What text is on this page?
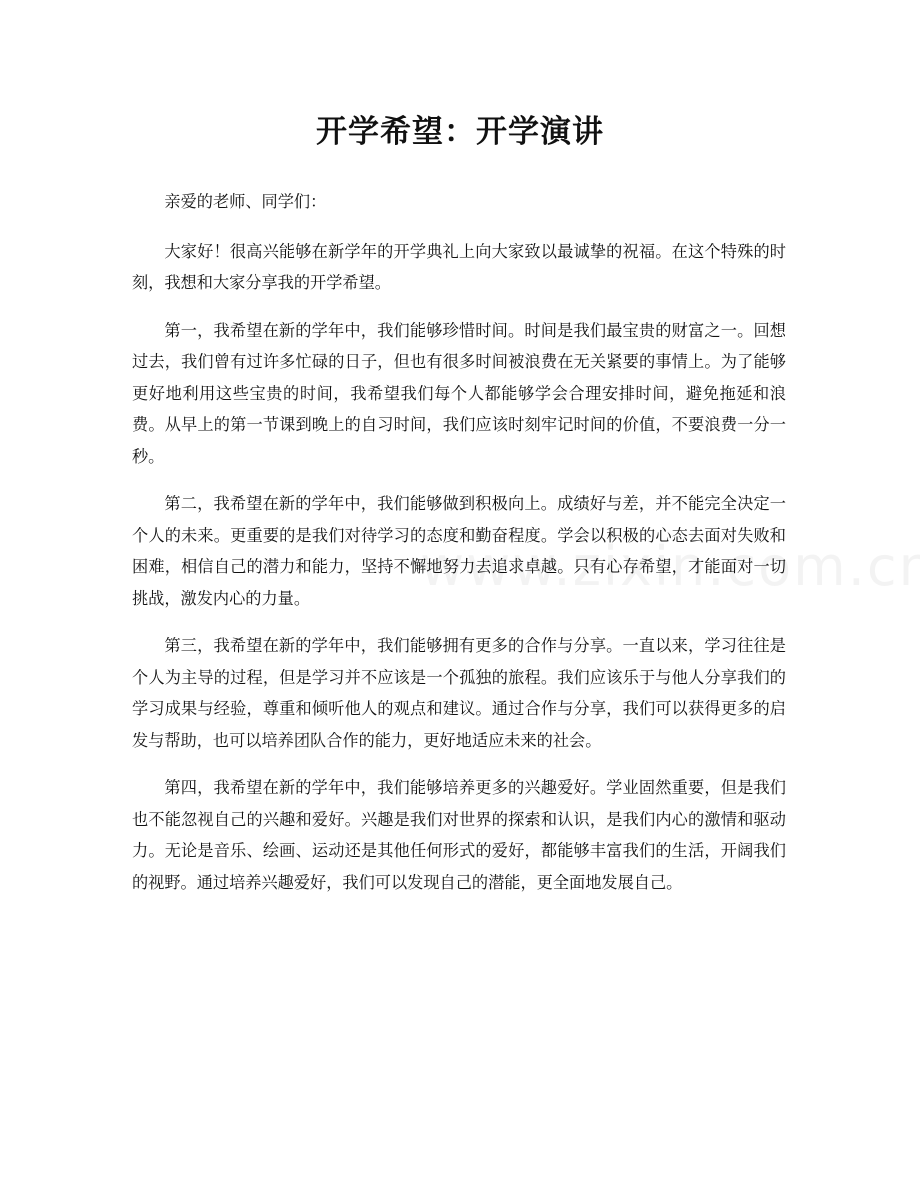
开学希望：开学演讲

亲爱的老师、同学们：

大家好！很高兴能够在新学年的开学典礼上向大家致以最诚挚的祝福。在这个特殊的时刻，我想和大家分享我的开学希望。

第一，我希望在新的学年中，我们能够珍惜时间。时间是我们最宝贵的财富之一。回想过去，我们曾有过许多忙碌的日子，但也有很多时间被浪费在无关紧要的事情上。为了能够更好地利用这些宝贵的时间，我希望我们每个人都能够学会合理安排时间，避免拖延和浪费。从早上的第一节课到晚上的自习时间，我们应该时刻牢记时间的价值，不要浪费一分一秒。

第二，我希望在新的学年中，我们能够做到积极向上。成绩好与差，并不能完全决定一个人的未来。更重要的是我们对待学习的态度和勤奋程度。学会以积极的心态去面对失败和困难，相信自己的潜力和能力，坚持不懈地努力去追求卓越。只有心存希望，才能面对一切挑战，激发内心的力量。

第三，我希望在新的学年中，我们能够拥有更多的合作与分享。一直以来，学习往往是个人为主导的过程，但是学习并不应该是一个孤独的旅程。我们应该乐于与他人分享我们的学习成果与经验，尊重和倾听他人的观点和建议。通过合作与分享，我们可以获得更多的启发与帮助，也可以培养团队合作的能力，更好地适应未来的社会。

第四，我希望在新的学年中，我们能够培养更多的兴趣爱好。学业固然重要，但是我们也不能忽视自己的兴趣和爱好。兴趣是我们对世界的探索和认识，是我们内心的激情和驱动力。无论是音乐、绘画、运动还是其他任何形式的爱好，都能够丰富我们的生活，开阔我们的视野。通过培养兴趣爱好，我们可以发现自己的潜能，更全面地发展自己。
